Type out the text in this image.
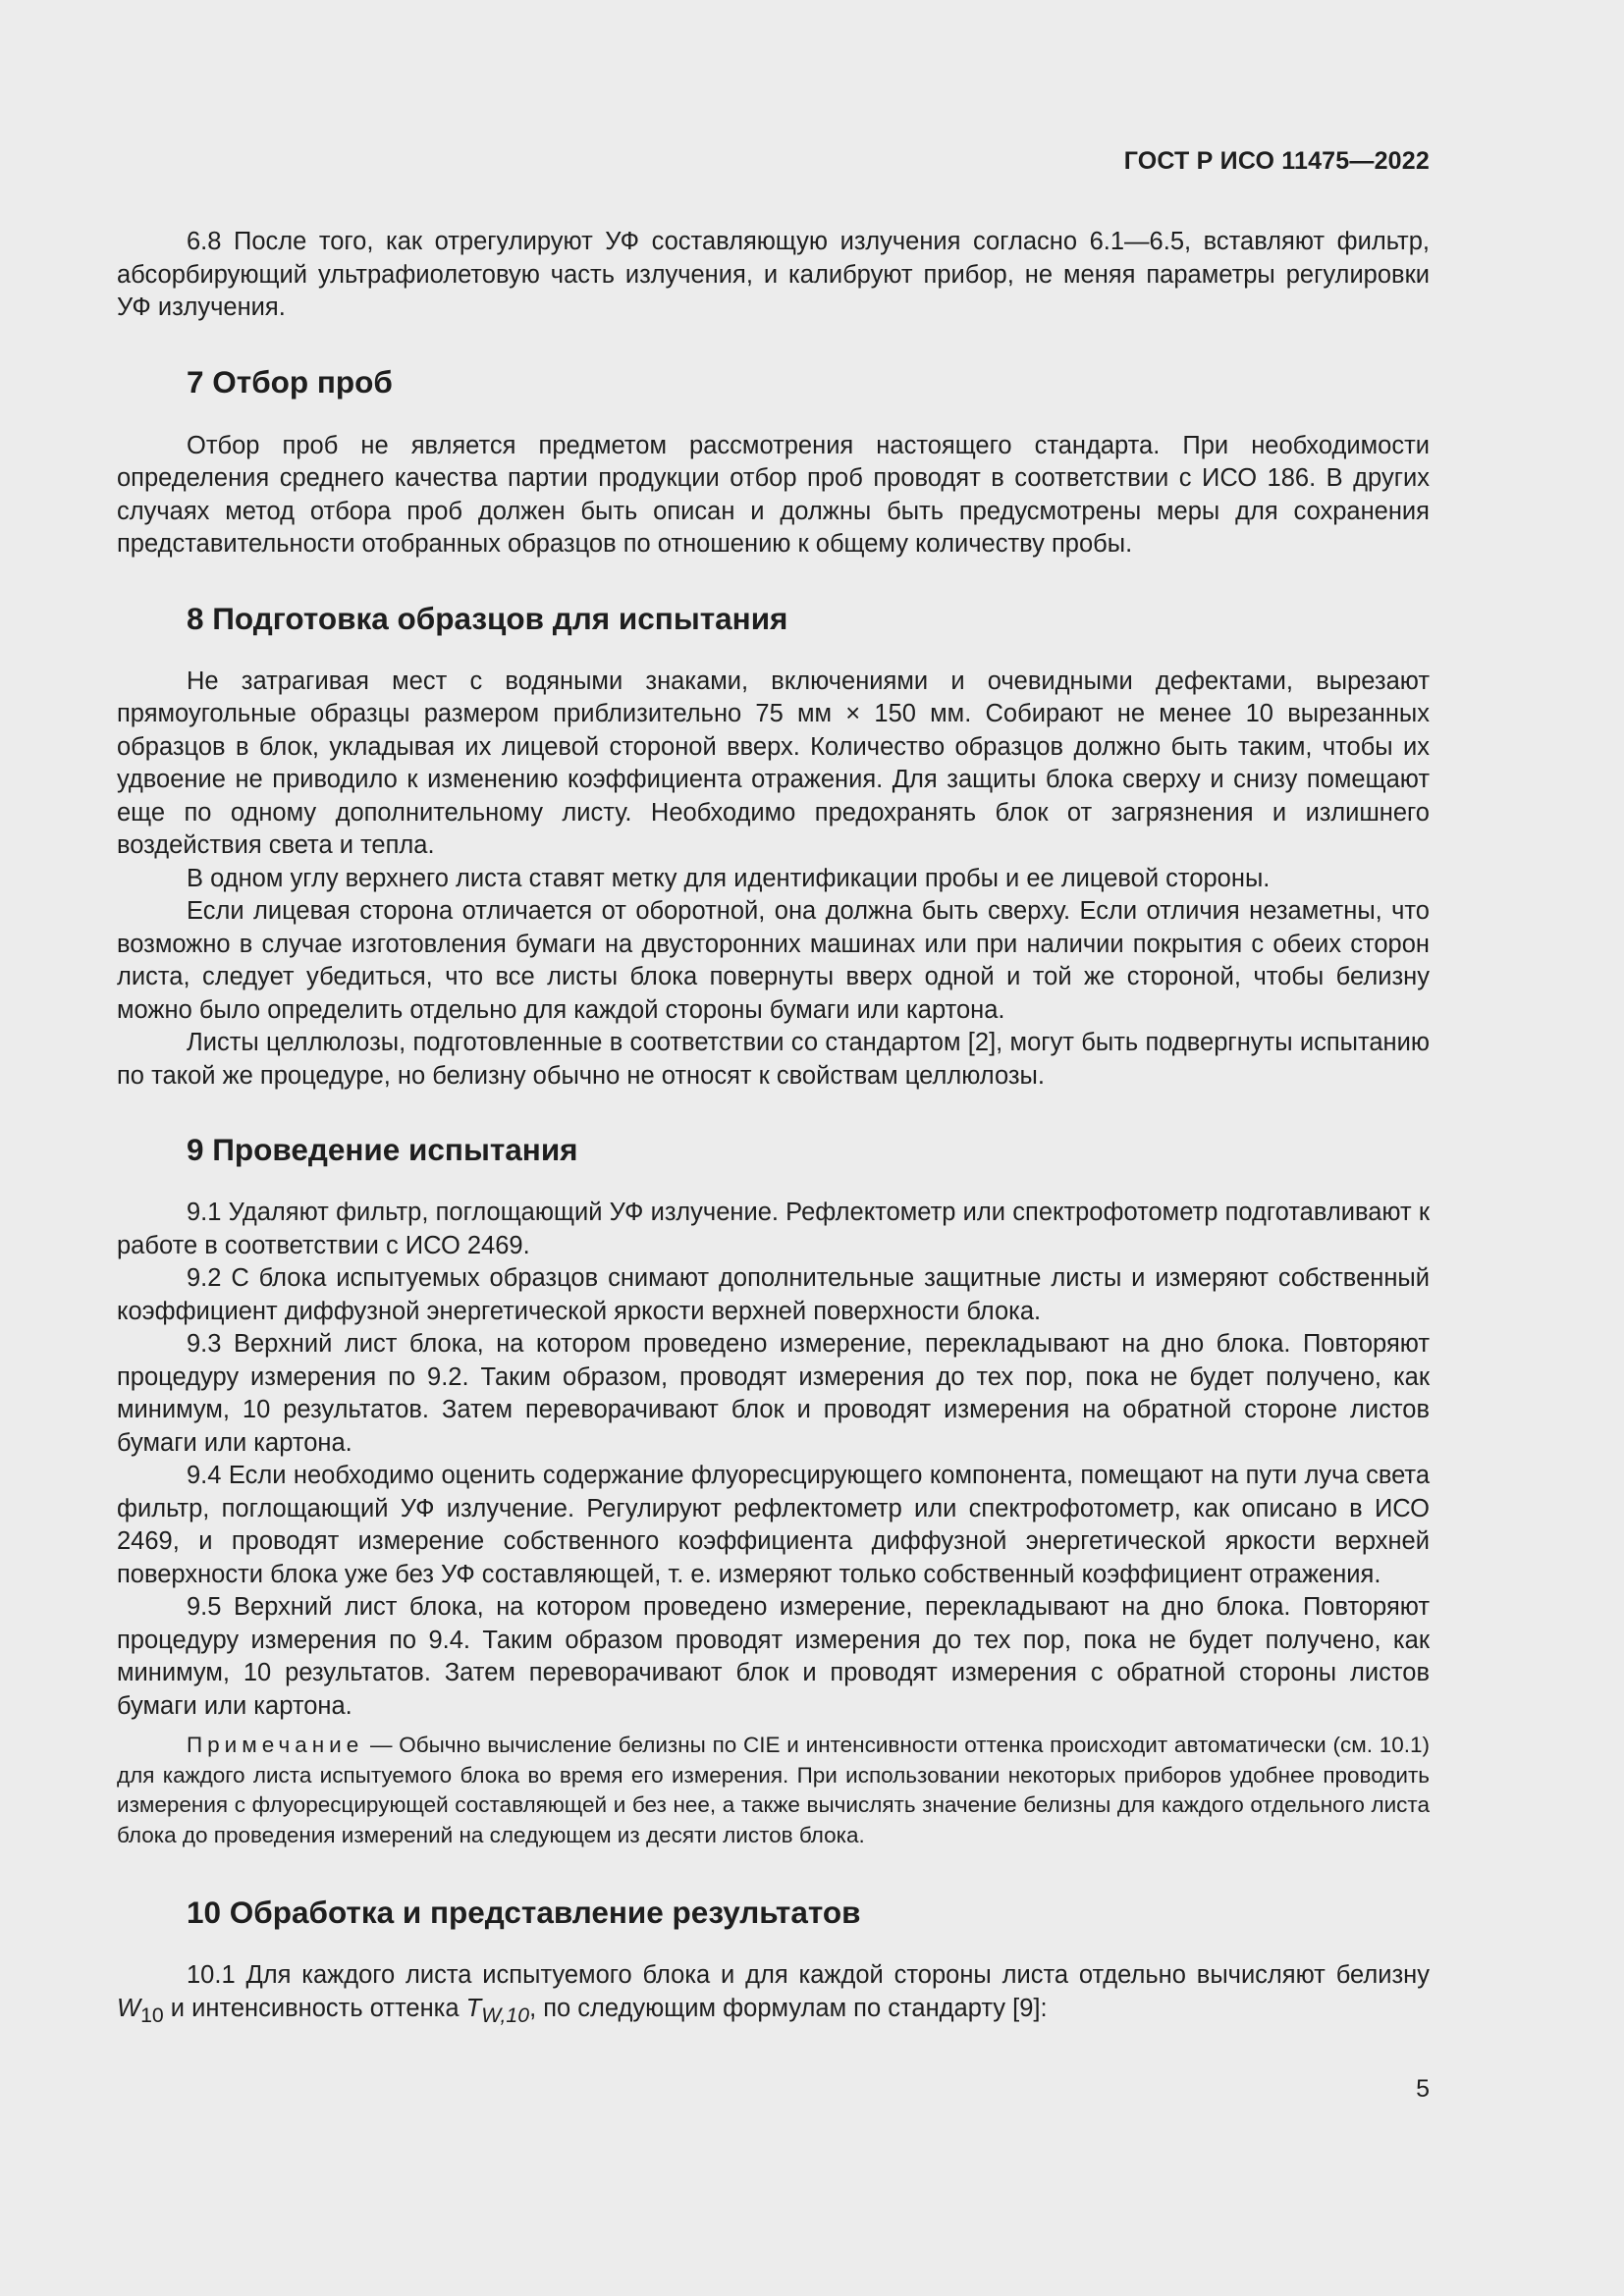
ГОСТ Р ИСО 11475—2022

6.8 После того, как отрегулируют УФ составляющую излучения согласно 6.1—6.5, вставляют фильтр, абсорбирующий ультрафиолетовую часть излучения, и калибруют прибор, не меняя параметры регулировки УФ излучения.

7 Отбор проб

Отбор проб не является предметом рассмотрения настоящего стандарта. При необходимости определения среднего качества партии продукции отбор проб проводят в соответствии с ИСО 186. В других случаях метод отбора проб должен быть описан и должны быть предусмотрены меры для сохранения представительности отобранных образцов по отношению к общему количеству пробы.

8 Подготовка образцов для испытания

Не затрагивая мест с водяными знаками, включениями и очевидными дефектами, вырезают прямоугольные образцы размером приблизительно 75 мм × 150 мм. Собирают не менее 10 вырезанных образцов в блок, укладывая их лицевой стороной вверх. Количество образцов должно быть таким, чтобы их удвоение не приводило к изменению коэффициента отражения. Для защиты блока сверху и снизу помещают еще по одному дополнительному листу. Необходимо предохранять блок от загрязнения и излишнего воздействия света и тепла.

В одном углу верхнего листа ставят метку для идентификации пробы и ее лицевой стороны.

Если лицевая сторона отличается от оборотной, она должна быть сверху. Если отличия незаметны, что возможно в случае изготовления бумаги на двусторонних машинах или при наличии покрытия с обеих сторон листа, следует убедиться, что все листы блока повернуты вверх одной и той же стороной, чтобы белизну можно было определить отдельно для каждой стороны бумаги или картона.

Листы целлюлозы, подготовленные в соответствии со стандартом [2], могут быть подвергнуты испытанию по такой же процедуре, но белизну обычно не относят к свойствам целлюлозы.

9 Проведение испытания

9.1 Удаляют фильтр, поглощающий УФ излучение. Рефлектометр или спектрофотометр подготавливают к работе в соответствии с ИСО 2469.

9.2 С блока испытуемых образцов снимают дополнительные защитные листы и измеряют собственный коэффициент диффузной энергетической яркости верхней поверхности блока.

9.3 Верхний лист блока, на котором проведено измерение, перекладывают на дно блока. Повторяют процедуру измерения по 9.2. Таким образом, проводят измерения до тех пор, пока не будет получено, как минимум, 10 результатов. Затем переворачивают блок и проводят измерения на обратной стороне листов бумаги или картона.

9.4 Если необходимо оценить содержание флуоресцирующего компонента, помещают на пути луча света фильтр, поглощающий УФ излучение. Регулируют рефлектометр или спектрофотометр, как описано в ИСО 2469, и проводят измерение собственного коэффициента диффузной энергетической яркости верхней поверхности блока уже без УФ составляющей, т. е. измеряют только собственный коэффициент отражения.

9.5 Верхний лист блока, на котором проведено измерение, перекладывают на дно блока. Повторяют процедуру измерения по 9.4. Таким образом проводят измерения до тех пор, пока не будет получено, как минимум, 10 результатов. Затем переворачивают блок и проводят измерения с обратной стороны листов бумаги или картона.

Примечание — Обычно вычисление белизны по CIE и интенсивности оттенка происходит автоматически (см. 10.1) для каждого листа испытуемого блока во время его измерения. При использовании некоторых приборов удобнее проводить измерения с флуоресцирующей составляющей и без нее, а также вычислять значение белизны для каждого отдельного листа блока до проведения измерений на следующем из десяти листов блока.

10 Обработка и представление результатов

10.1 Для каждого листа испытуемого блока и для каждой стороны листа отдельно вычисляют белизну $W_{10}$ и интенсивность оттенка $T_{W,10}$, по следующим формулам по стандарту [9]:

5
